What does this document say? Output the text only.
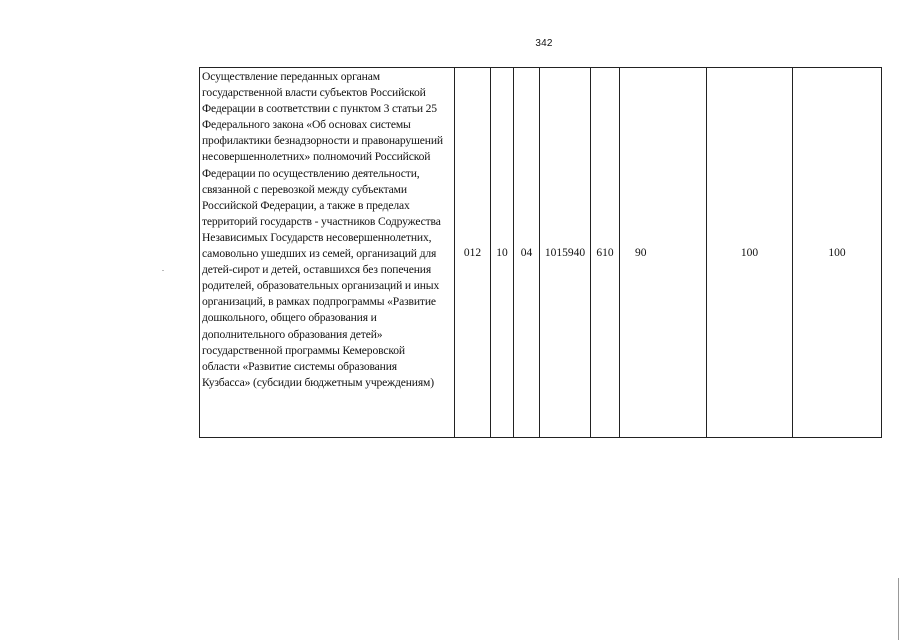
342
Осуществление переданных органам
государственной власти субъектов Российской
Федерации в соответствии с пунктом 3 статьи 25
Федерального закона «Об основах системы
профилактики безнадзорности и правонарушений
несовершеннолетних» полномочий Российской
Федерации по осуществлению деятельности,
связанной с перевозкой между субъектами
Российской Федерации, а также в пределах
территорий государств - участников Содружества
Независимых Государств несовершеннолетних,
самовольно ушедших из семей, организаций для
детей-сирот и детей, оставшихся без попечения
родителей, образовательных организаций и иных
организаций, в рамках подпрограммы «Развитие
дошкольного, общего образования и
дополнительного образования детей»
государственной программы Кемеровской
области «Развитие системы образования
Кузбасса» (субсидии бюджетным учреждениям)	012	10	04	1015940	610	90	100	100
